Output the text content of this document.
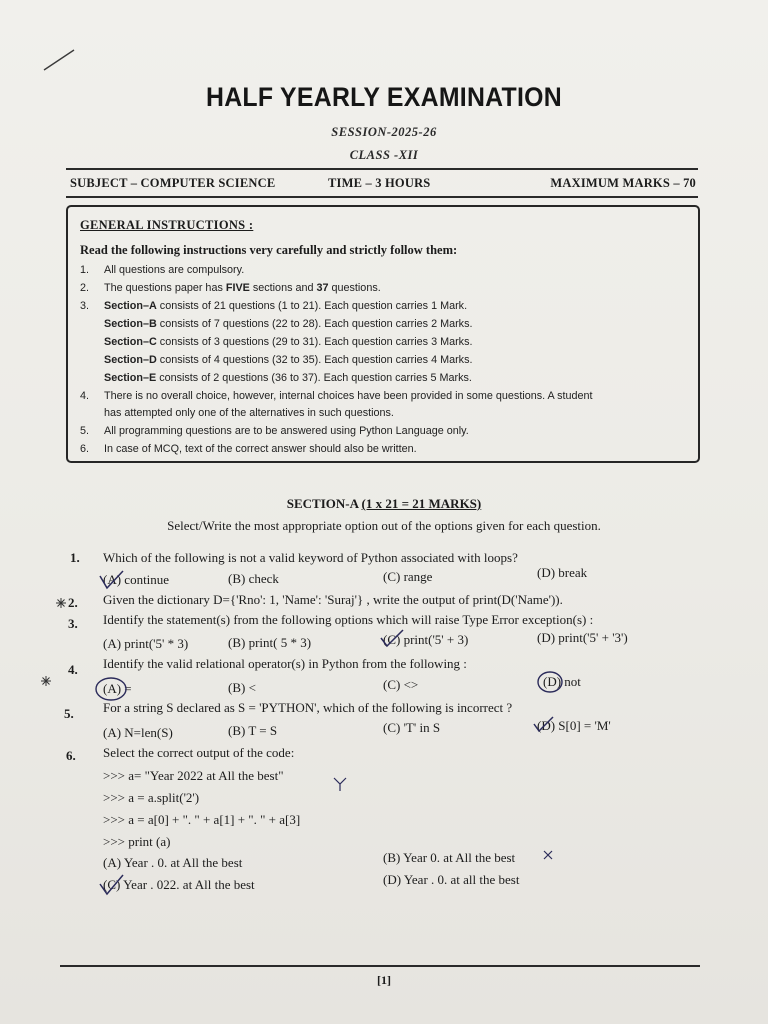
HALF YEARLY EXAMINATION
SESSION-2025-26
CLASS -XII
SUBJECT – COMPUTER SCIENCE	TIME – 3 HOURS	MAXIMUM MARKS – 70
GENERAL INSTRUCTIONS :
Read the following instructions very carefully and strictly follow them:
1. All questions are compulsory.
2. The questions paper has FIVE sections and 37 questions.
3. Section–A consists of 21 questions (1 to 21). Each question carries 1 Mark.
Section–B consists of 7 questions (22 to 28). Each question carries 2 Marks.
Section–C consists of 3 questions (29 to 31). Each question carries 3 Marks.
Section–D consists of 4 questions (32 to 35). Each question carries 4 Marks.
Section–E consists of 2 questions (36 to 37). Each question carries 5 Marks.
4. There is no overall choice, however, internal choices have been provided in some questions. A student
has attempted only one of the alternatives in such questions.
5. All programming questions are to be answered using Python Language only.
6. In case of MCQ, text of the correct answer should also be written.
SECTION-A (1 x 21 = 21 MARKS)
Select/Write the most appropriate option out of the options given for each question.
1. Which of the following is not a valid keyword of Python associated with loops?
(A) continue	(B) check	(C) range	(D) break
2. Given the dictionary D={'Rno': 1, 'Name': 'Suraj'} , write the output of print(D('Name')).
3. Identify the statement(s) from the following options which will raise Type Error exception(s) :
(A) print('5' * 3)	(B) print( 5 * 3)	(C) print('5' + 3)	(D) print('5' + '3')
4. Identify the valid relational operator(s) in Python from the following :
(A) =	(B) <	(C) <>	(D) not
5. For a string S declared as S = 'PYTHON', which of the following is incorrect ?
(A) N=len(S)	(B) T = S	(C) 'T' in S	(D) S[0] = 'M'
6. Select the correct output of the code:
>>> a= "Year 2022 at All the best"
>>> a = a.split('2')
>>> a = a[0] + ". " + a[1] + ". " + a[3]
>>> print (a)
(A) Year . 0. at All the best	(B) Year 0. at All the best
(C) Year . 022. at All the best	(D) Year . 0. at all the best
[1]
